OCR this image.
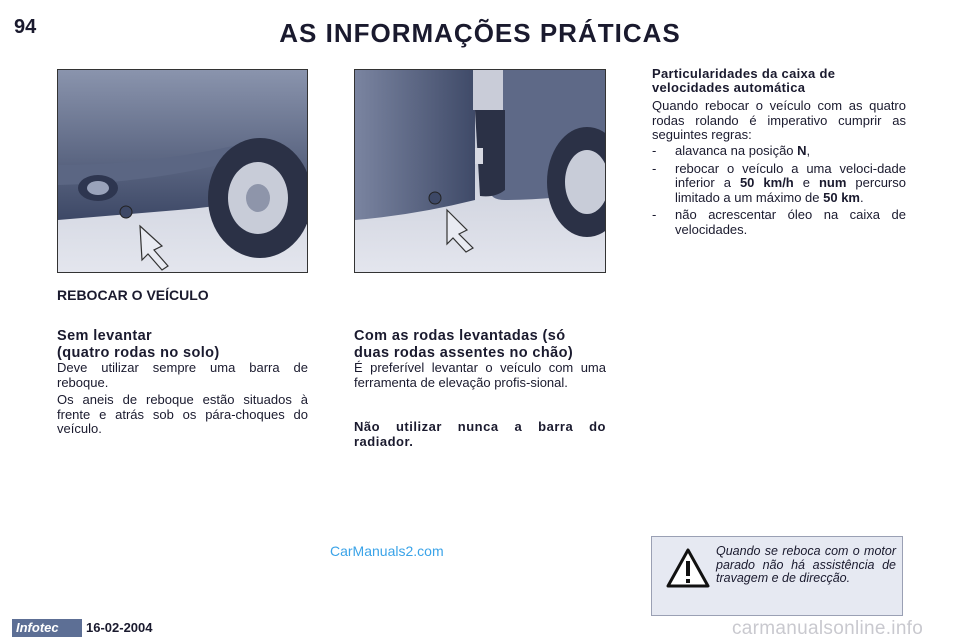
94	AS INFORMAÇÕES PRÁTICAS
REBOCAR O VEÍCULO
Sem levantar
(quatro rodas no solo)

Deve utilizar sempre uma barra de reboque.

Os aneis de reboque estão situados à frente e atrás sob os pára-choques do veículo.

Com as rodas levantadas (só
duas rodas assentes no chão)

É preferível levantar o veículo com uma ferramenta de elevação profis-sional.

Não utilizar nunca a barra do radiador.
Particularidades da caixa de velocidades automática

Quando rebocar o veículo com as quatro rodas rolando é imperativo cumprir as seguintes regras:

- alavanca na posição N,
- rebocar o veículo a uma veloci-dade inferior a 50 km/h e num percurso limitado a um máximo de 50 km.
- não acrescentar óleo na caixa de velocidades.
Quando se reboca com o motor parado não há assistência de travagem e de direcção.
CarManuals2.com
Infotec	16-02-2004	carmanualsonline.info
